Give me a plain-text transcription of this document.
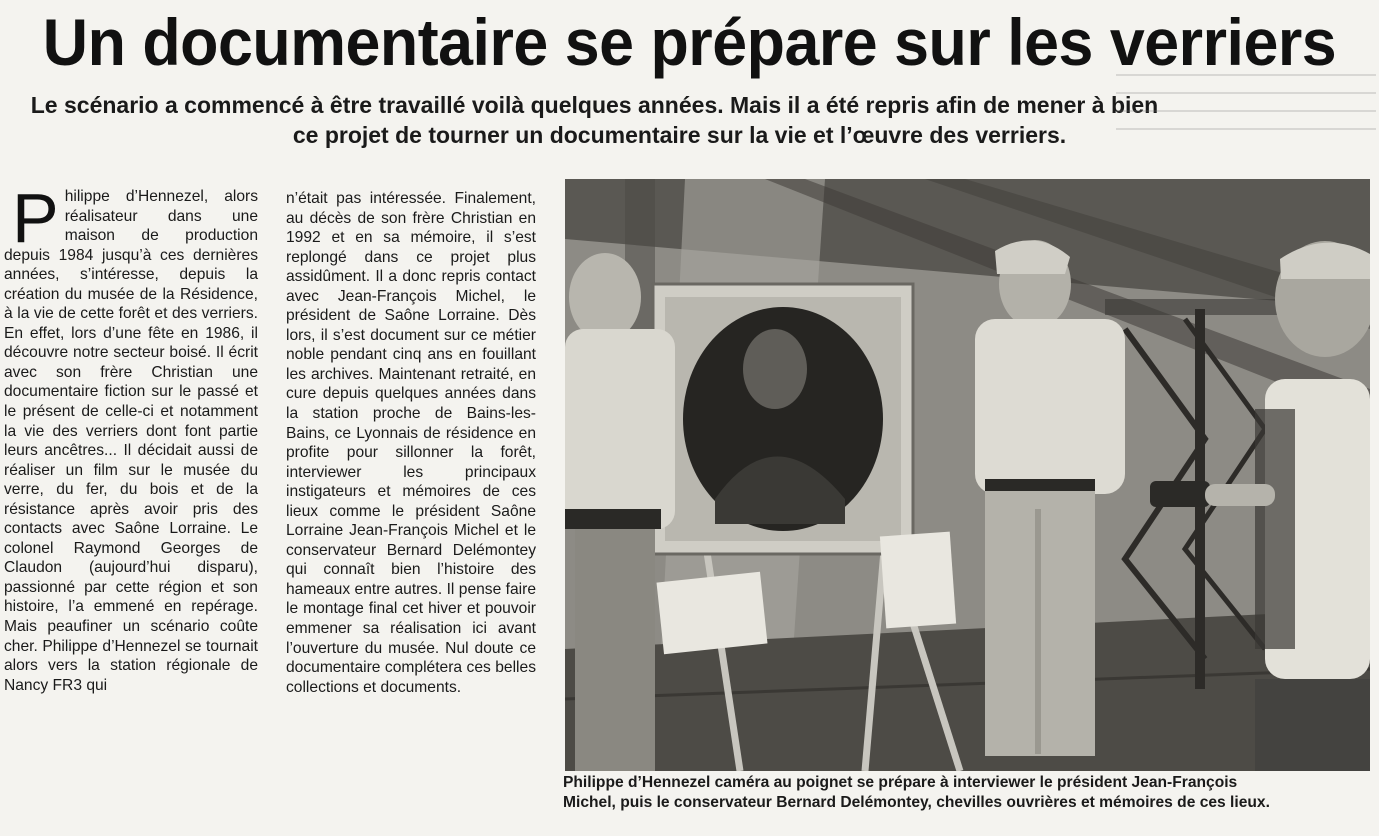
Un documentaire se prépare sur les verriers
Le scénario a commencé à être travaillé voilà quelques années. Mais il a été repris afin de mener à bien
ce projet de tourner un documentaire sur la vie et l’œuvre des verriers.

Philippe d’Hennezel, alors réalisateur dans une maison de production depuis 1984 jusqu’à ces dernières années, s’intéresse, depuis la création du musée de la Résidence, à la vie de cette forêt et des verriers. En effet, lors d’une fête en 1986, il découvre notre secteur boisé. Il écrit avec son frère Christian une documentaire fiction sur le passé et le présent de celle-ci et notamment la vie des verriers dont font partie leurs ancêtres... Il décidait aussi de réaliser un film sur le musée du verre, du fer, du bois et de la résistance après avoir pris des contacts avec Saône Lorraine. Le colonel Raymond Georges de Claudon (aujourd’hui disparu), passionné par cette région et son histoire, l’a emmené en repérage. Mais peaufiner un scénario coûte cher. Philippe d’Hennezel se tournait alors vers la station régionale de Nancy FR3 qui

n’était pas intéressée. Finalement, au décès de son frère Christian en 1992 et en sa mémoire, il s’est replongé dans ce projet plus assidûment. Il a donc repris contact avec Jean-François Michel, le président de Saône Lorraine. Dès lors, il s’est document sur ce métier noble pendant cinq ans en fouillant les archives. Maintenant retraité, en cure depuis quelques années dans la station proche de Bains-les-Bains, ce Lyonnais de résidence en profite pour sillonner la forêt, interviewer les principaux instigateurs et mémoires de ces lieux comme le président Saône Lorraine Jean-François Michel et le conservateur Bernard Delémontey qui connaît bien l’histoire des hameaux entre autres. Il pense faire le montage final cet hiver et pouvoir emmener sa réalisation ici avant l’ouverture du musée. Nul doute ce documentaire complétera ces belles collections et documents.

Philippe d’Hennezel caméra au poignet se prépare à interviewer le président Jean-François
Michel, puis le conservateur Bernard Delémontey, chevilles ouvrières et mémoires de ces lieux.
